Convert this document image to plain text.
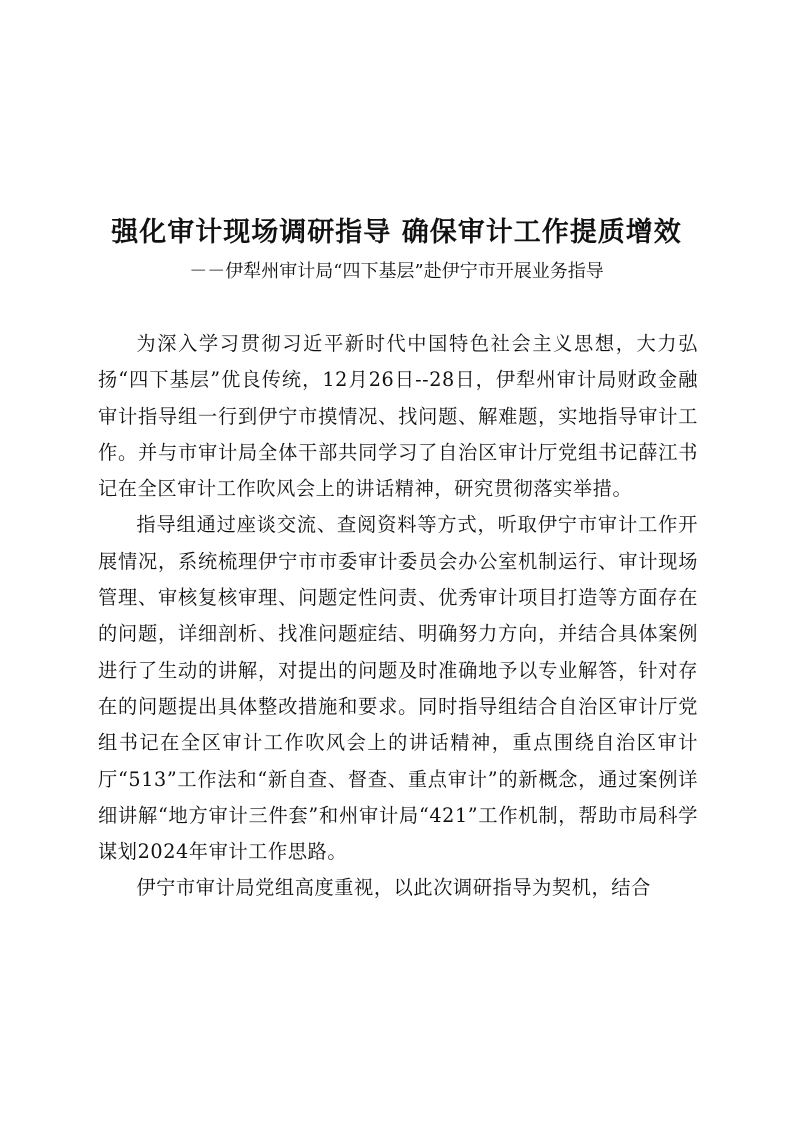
强化审计现场调研指导 确保审计工作提质增效
－－伊犁州审计局“四下基层”赴伊宁市开展业务指导

为深入学习贯彻习近平新时代中国特色社会主义思想，大力弘扬“四下基层”优良传统，12月26日--28日，伊犁州审计局财政金融审计指导组一行到伊宁市摸情况、找问题、解难题，实地指导审计工作。并与市审计局全体干部共同学习了自治区审计厅党组书记薛江书记在全区审计工作吹风会上的讲话精神，研究贯彻落实举措。

指导组通过座谈交流、查阅资料等方式，听取伊宁市审计工作开展情况，系统梳理伊宁市市委审计委员会办公室机制运行、审计现场管理、审核复核审理、问题定性问责、优秀审计项目打造等方面存在的问题，详细剖析、找准问题症结、明确努力方向，并结合具体案例进行了生动的讲解，对提出的问题及时准确地予以专业解答，针对存在的问题提出具体整改措施和要求。同时指导组结合自治区审计厅党组书记在全区审计工作吹风会上的讲话精神，重点围绕自治区审计厅“513”工作法和“新自查、督查、重点审计”的新概念，通过案例详细讲解“地方审计三件套”和州审计局“421”工作机制，帮助市局科学谋划2024年审计工作思路。

伊宁市审计局党组高度重视，以此次调研指导为契机，结合
